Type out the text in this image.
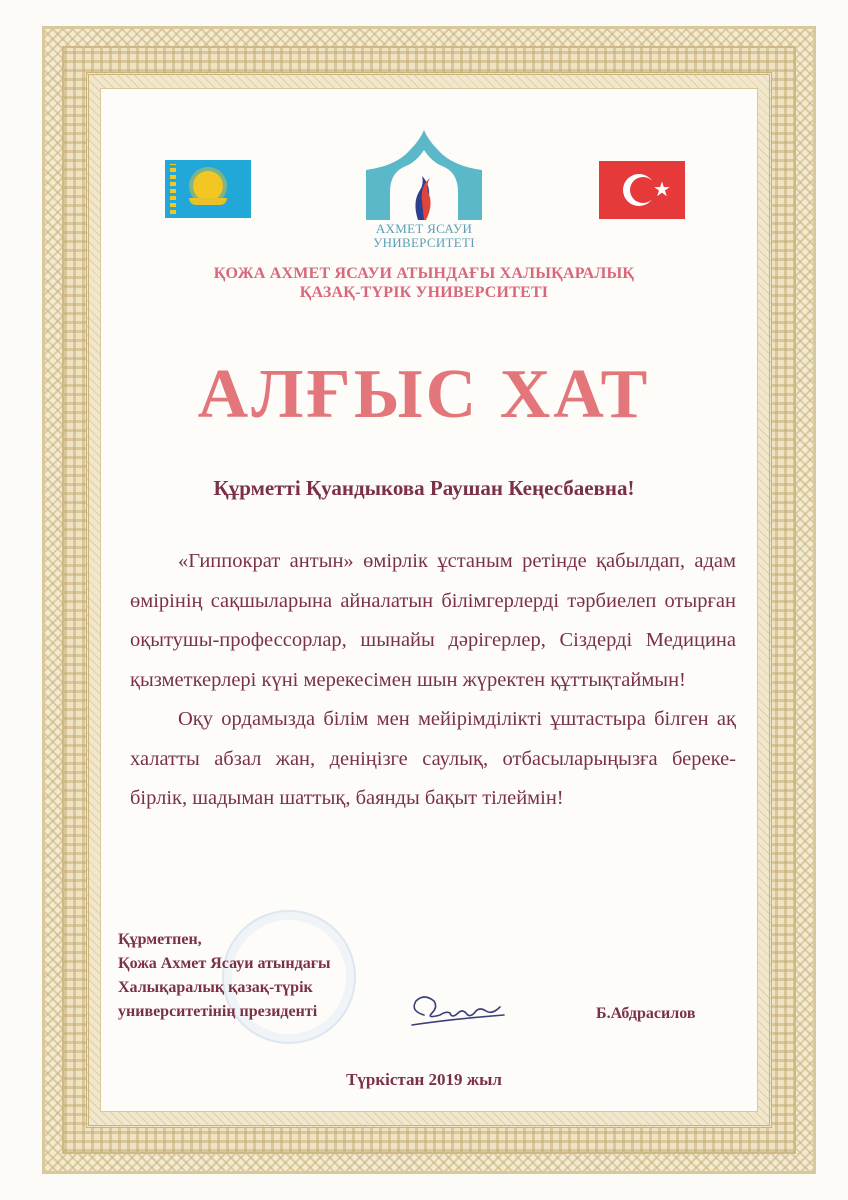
АХМЕТ ЯСАУИ
УНИВЕРСИТЕТІ
★
ҚОЖА АХМЕТ ЯСАУИ АТЫНДАҒЫ ХАЛЫҚАРАЛЫҚ
ҚАЗАҚ-ТҮРІК УНИВЕРСИТЕТІ
АЛҒЫС ХАТ
Құрметті Қуандыкова Раушан Кеңесбаевна!

«Гиппократ антын» өмірлік ұстаным ретінде қабылдап, адам өмірінің сақшыларына айналатын білімгерлерді тәрбиелеп отырған оқытушы-профессорлар, шынайы дәрігерлер, Сіздерді Медицина қызметкерлері күні мерекесімен шын жүректен құттықтаймын!

Оқу ордамызда білім мен мейірімділікті ұштастыра білген ақ халатты абзал жан, деніңізге саулық, отбасыларыңызға береке-бірлік, шадыман шаттық, баянды бақыт тілеймін!

Құрметпен,
Қожа Ахмет Ясауи атындағы
Халықаралық қазақ-түрік
университетінің президенті	Б.Абдрасилов
Түркістан 2019 жыл
